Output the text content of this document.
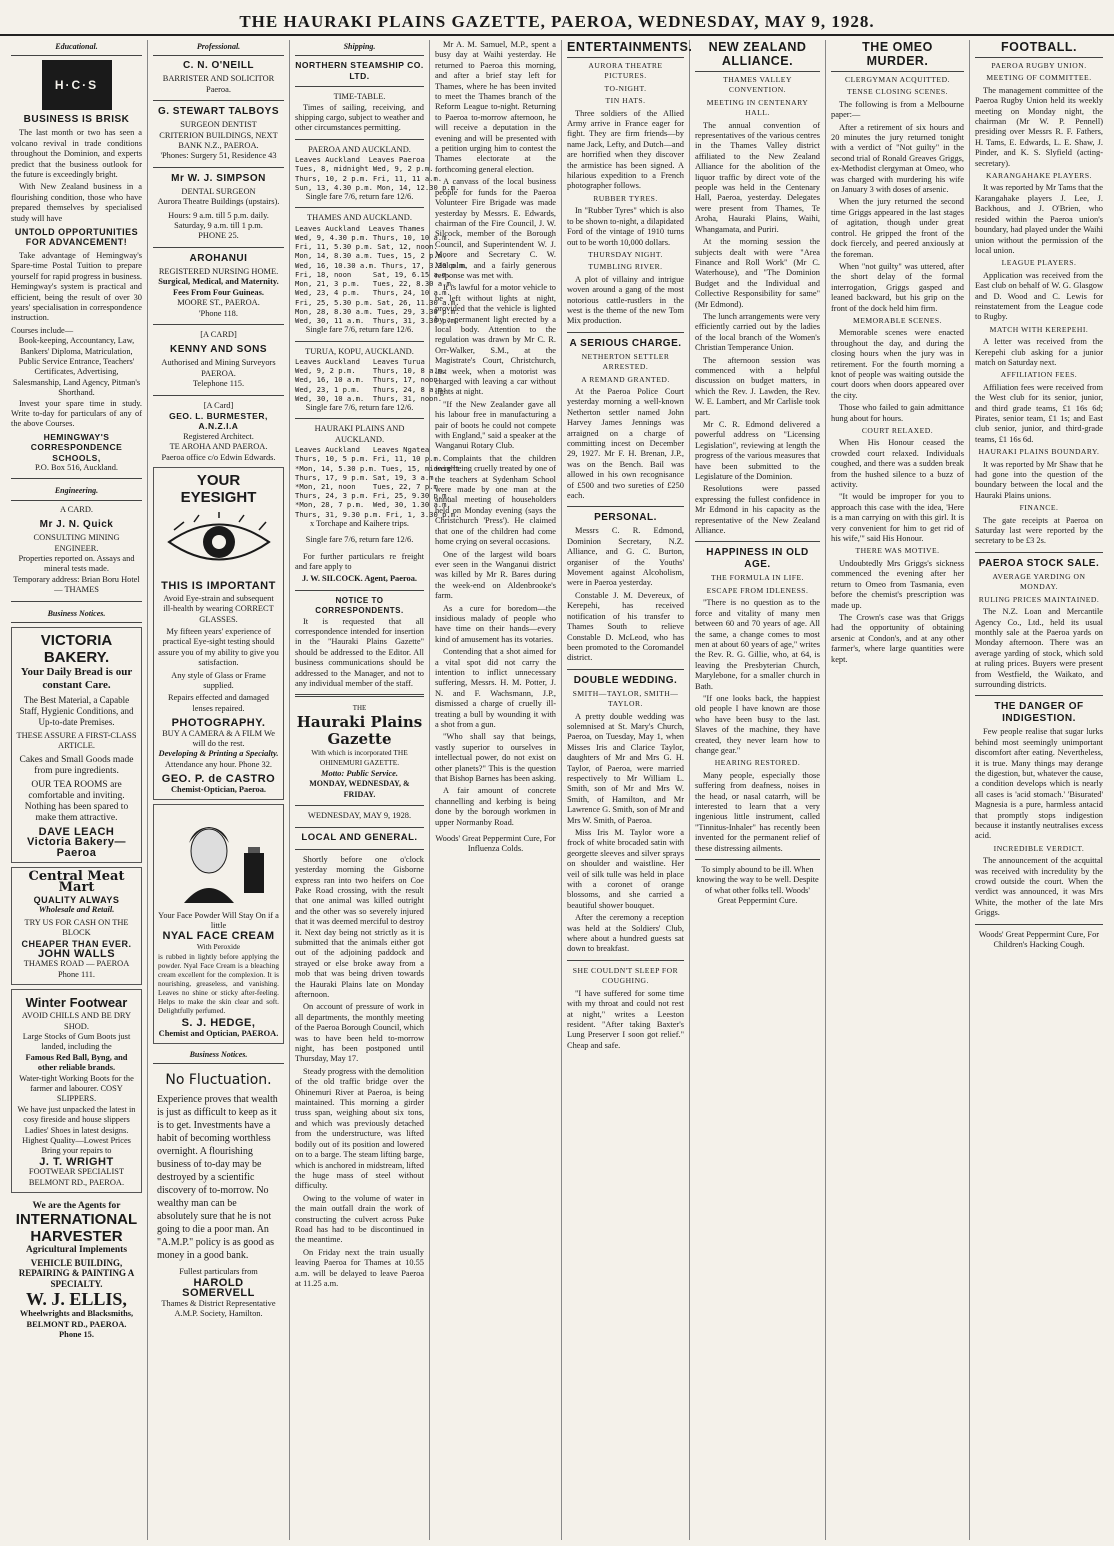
THE HAURAKI PLAINS GAZETTE, PAEROA, WEDNESDAY, MAY 9, 1928.
Educational.
H·C·S
BUSINESS IS BRISK

The last month or two has seen a volcano revival in trade conditions throughout the Dominion, and experts predict that the business outlook for the future is exceedingly bright.

With New Zealand business in a flourishing condition, those who have prepared themselves by specialised study will have

UNTOLD OPPORTUNITIES FOR ADVANCEMENT!

Take advantage of Hemingway's Spare-time Postal Tuition to prepare yourself for rapid progress in business. Hemingway's system is practical and efficient, being the result of over 30 years' specialisation in correspondence instruction.

Courses include—

Book-keeping, Accountancy, Law, Bankers' Diploma, Matriculation, Public Service Entrance, Teachers' Certificates, Advertising, Salesmanship, Land Agency, Pitman's Shorthand.

Invest your spare time in study. Write to-day for particulars of any of the above Courses.

HEMINGWAY'S CORRESPONDENCE SCHOOLS,
P.O. Box 516, Auckland.
Engineering.
A CARD.
Mr J. N. Quick
CONSULTING MINING ENGINEER.

Properties reported on. Assays and mineral tests made.

Temporary address: Brian Boru Hotel — THAMES

Business Notices.
VICTORIA BAKERY.
Your Daily Bread is our constant Care.

The Best Material, a Capable Staff, Hygienic Conditions, and Up-to-date Premises.

THESE ASSURE A FIRST-CLASS ARTICLE.

Cakes and Small Goods made from pure ingredients.

OUR TEA ROOMS are comfortable and inviting. Nothing has been spared to make them attractive.

DAVE LEACH
Victoria Bakery—Paeroa
Central Meat Mart
QUALITY ALWAYS
Wholesale and Retail.
TRY US FOR CASH ON THE BLOCK
CHEAPER THAN EVER.
JOHN WALLS
THAMES ROAD — PAEROA
Phone 111.
Winter Footwear
AVOID CHILLS AND BE DRY SHOD.
Large Stocks of Gum Boots just landed, including the
Famous Red Ball, Byng, and other reliable brands.
Water-tight Working Boots for the farmer and labourer. COSY SLIPPERS.
We have just unpacked the latest in cosy fireside and house slippers Ladies' Shoes in latest designs. Highest Quality—Lowest Prices
Bring your repairs to
J. T. WRIGHT
FOOTWEAR SPECIALIST BELMONT RD., PAEROA.
We are the Agents for
INTERNATIONAL HARVESTER
Agricultural Implements
VEHICLE BUILDING, REPAIRING & PAINTING A SPECIALTY.
W. J. ELLIS,
Wheelwrights and Blacksmiths, BELMONT RD., PAEROA. Phone 15.
Professional.
C. N. O'NEILL
BARRISTER AND SOLICITOR
Paeroa.
G. STEWART TALBOYS
SURGEON DENTIST
CRITERION BUILDINGS, NEXT BANK N.Z., PAEROA.
'Phones: Surgery 51, Residence 43
Mr W. J. SIMPSON
DENTAL SURGEON
Aurora Theatre Buildings (upstairs).
Hours: 9 a.m. till 5 p.m. daily. Saturday, 9 a.m. till 1 p.m.
PHONE 25.
AROHANUI
REGISTERED NURSING HOME.
Surgical, Medical, and Maternity. Fees From Four Guineas.
MOORE ST., PAEROA.
'Phone 118.
[A CARD]
KENNY AND SONS
Authorised and Mining Surveyors PAEROA.
Telephone 115.
[A Card]
GEO. L. BURMESTER, A.N.Z.I.A
Registered Architect.
TE AROHA AND PAEROA.
Paeroa office c/o Edwin Edwards.
YOUR EYESIGHT
THIS IS IMPORTANT

Avoid Eye-strain and subsequent ill-health by wearing CORRECT GLASSES.

My fifteen years' experience of practical Eye-sight testing should assure you of my ability to give you satisfaction.

Any style of Glass or Frame supplied.

Repairs effected and damaged lenses repaired.

PHOTOGRAPHY.

BUY A CAMERA & A FILM We will do the rest.

Developing & Printing a Specialty.

Attendance any hour. Phone 32.

GEO. P. de CASTRO
Chemist-Optician, Paeroa.
Your Face Powder Will Stay On if a little
NYAL FACE CREAM
With Peroxide

is rubbed in lightly before applying the powder. Nyal Face Cream is a bleaching cream excellent for the complexion. It is nourishing, greaseless, and vanishing. Leaves no shine or sticky after-feeling. Helps to make the skin clear and soft. Delightfully perfumed.

S. J. HEDGE,
Chemist and Optician, PAEROA.
Business Notices.
No Fluctuation.

Experience proves that wealth is just as difficult to keep as it is to get. Investments have a habit of becoming worthless overnight. A flourishing business of to-day may be destroyed by a scientific discovery of to-morrow. No wealthy man can be absolutely sure that he is not going to die a poor man. An "A.M.P." policy is as good as money in a good bank.

Fullest particulars from

HAROLD SOMERVELL
Thames & District Representative A.M.P. Society, Hamilton.
Shipping.
NORTHERN STEAMSHIP CO. LTD.
TIME-TABLE.

Times of sailing, receiving, and shipping cargo, subject to weather and other circumstances permitting.

PAEROA AND AUCKLAND.
Leaves Auckland  Leaves Paeroa
Tues, 8, midnight Wed, 9, 2 p.m.
Thurs, 10, 2 p.m. Fri, 11, 11 a.m.
Sun, 13, 4.30 p.m. Mon, 14, 12.30 p.m.
Single fare 7/6, return fare 12/6.
THAMES AND AUCKLAND.
Leaves Auckland  Leaves Thames
Wed, 9, 4.30 p.m. Thurs, 10, 10 a.m.
Fri, 11, 5.30 p.m. Sat, 12, noon.
Mon, 14, 8.30 a.m. Tues, 15, 2 p.m.
Wed, 16, 10.30 a.m. Thurs, 17, 3.30 p.m.
Fri, 18, noon     Sat, 19, 6.15 a.m.
Mon, 21, 3 p.m.   Tues, 22, 8.30 a.m.
Wed, 23, 4 p.m.   Thurs, 24, 10 a.m.
Fri, 25, 5.30 p.m. Sat, 26, 11.30 a.m.
Mon, 28, 8.30 a.m. Tues, 29, 3.30 p.m.
Wed, 30, 11 a.m.  Thurs, 31, 3.30 p.m.
Single fare 7/6, return fare 12/6.
TURUA, KOPU, AUCKLAND.
Leaves Auckland   Leaves Turua
Wed, 9, 2 p.m.    Thurs, 10, 8 a.m.
Wed, 16, 10 a.m.  Thurs, 17, noon.
Wed, 23, 1 p.m.   Thurs, 24, 8 a.m.
Wed, 30, 10 a.m.  Thurs, 31, noon.
Single fare 7/6, return fare 12/6.
HAURAKI PLAINS AND AUCKLAND.
Leaves Auckland   Leaves Ngatea
Thurs, 10, 5 p.m. Fri, 11, 10 p.m.
*Mon, 14, 5.30 p.m. Tues, 15, midnight
Thurs, 17, 9 p.m. Sat, 19, 3 a.m.
*Mon, 21, noon    Tues, 22, 7 p.m.
Thurs, 24, 3 p.m. Fri, 25, 9.30 p.m.
*Mon, 28, 7 p.m.  Wed, 30, 1.30 a.m.
Thurs, 31, 9.30 p.m. Fri, 1, 3.30 p.m.
x Torchape and Kaihere trips.
Single fare 7/6, return fare 12/6.

For further particulars re freight and fare apply to

J. W. SILCOCK. Agent, Paeroa.
NOTICE TO CORRESPONDENTS.

It is requested that all correspondence intended for insertion in the "Hauraki Plains Gazette" should be addressed to the Editor. All business communications should be addressed to the Manager, and not to any individual member of the staff.

THE
Hauraki Plains Gazette
With which is incorporated THE OHINEMURI GAZETTE.
Motto: Public Service.
MONDAY, WEDNESDAY, & FRIDAY.
WEDNESDAY, MAY 9, 1928.
LOCAL AND GENERAL.

Shortly before one o'clock yesterday morning the Gisborne express ran into two heifers on Coe Pake Road crossing, with the result that one animal was killed outright and the other was so severely injured that it was deemed merciful to destroy it. Next day being not strictly as it is submitted that the animals either got out of the adjoining paddock and strayed or else broke away from a mob that was being driven towards the Hauraki Plains late on Monday afternoon.

On account of pressure of work in all departments, the monthly meeting of the Paeroa Borough Council, which was to have been held to-morrow night, has been postponed until Thursday, May 17.

Steady progress with the demolition of the old traffic bridge over the Ohinemuri River at Paeroa, is being maintained. This morning a girder truss span, weighing about six tons, and which was previously detached from the understructure, was lifted bodily out of its position and lowered on to a barge. The steam lifting barge, which is anchored in midstream, lifted the huge mass of steel without difficulty.

Owing to the volume of water in the main outfall drain the work of constructing the culvert across Puke Road has had to be discontinued in the meantime.

On Friday next the train usually leaving Paeroa for Thames at 10.55 a.m. will be delayed to leave Paeroa at 11.25 a.m.

Mr A. M. Samuel, M.P., spent a busy day at Waihi yesterday. He returned to Paeroa this morning, and after a brief stay left for Thames, where he has been invited to meet the Thames branch of the Reform League to-night. Returning to Paeroa to-morrow afternoon, he will receive a deputation in the evening and will be presented with a petition urging him to contest the Thames electorate at the forthcoming general election.

A canvass of the local business people for funds for the Paeroa Volunteer Fire Brigade was made yesterday by Messrs. E. Edwards, chairman of the Fire Council, J. W. Silcock, member of the Borough Council, and Superintendent W. J. Moore and Secretary C. W. Malcolm, and a fairly generous response was met with.

It is lawful for a motor vehicle to be left without lights at night, provided that the vehicle is lighted by a permanent light erected by a local body. Attention to the regulation was drawn by Mr C. R. Orr-Walker, S.M., at the Magistrate's Court, Christchurch, last week, when a motorist was charged with leaving a car without lights at night.

"If the New Zealander gave all his labour free in manufacturing a pair of boots he could not compete with England," said a speaker at the Wanganui Rotary Club.

Complaints that the children were being cruelly treated by one of the teachers at Sydenham School were made by one man at the annual meeting of householders held on Monday evening (says the Christchurch 'Press'). He claimed that one of the children had come home crying on several occasions.

One of the largest wild boars ever seen in the Wanganui district was killed by Mr R. Bares during the week-end on Aldenbrooke's farm.

As a cure for boredom—the insidious malady of people who have time on their hands—every kind of amusement has its votaries.

Contending that a shot aimed for a vital spot did not carry the intention to inflict unnecessary suffering, Messrs. H. M. Potter, J. N. and F. Wachsmann, J.P., dismissed a charge of cruelly ill-treating a bull by wounding it with a shot from a gun.

"Who shall say that beings, vastly superior to ourselves in intellectual power, do not exist on other planets?" This is the question that Bishop Barnes has been asking.

A fair amount of concrete channelling and kerbing is being done by the borough workmen in upper Normanby Road.

Woods' Great Peppermint Cure, For Influenza Colds.
ENTERTAINMENTS.
AURORA THEATRE PICTURES.
TO-NIGHT.
TIN HATS.

Three soldiers of the Allied Army arrive in France eager for fight. They are firm friends—by name Jack, Lefty, and Dutch—and are horrified when they discover the armistice has been signed. A hilarious expedition to a French photographer follows.

RUBBER TYRES.

In "Rubber Tyres" which is also to be shown to-night, a dilapidated Ford of the vintage of 1910 turns out to be worth 10,000 dollars.

THURSDAY NIGHT.
TUMBLING RIVER.

A plot of villainy and intrigue woven around a gang of the most notorious cattle-rustlers in the west is the theme of the new Tom Mix production.

A SERIOUS CHARGE.
NETHERTON SETTLER ARRESTED.
A REMAND GRANTED.

At the Paeroa Police Court yesterday morning a well-known Netherton settler named John Harvey James Jennings was arraigned on a charge of committing incest on December 29, 1927. Mr F. H. Brenan, J.P., was on the Bench. Bail was allowed in his own recognisance of £500 and two sureties of £250 each.

PERSONAL.

Messrs C. R. Edmond, Dominion Secretary, N.Z. Alliance, and G. C. Burton, organiser of the Youths' Movement against Alcoholism, were in Paeroa yesterday.

Constable J. M. Devereux, of Kerepehi, has received notification of his transfer to Thames South to relieve Constable D. McLeod, who has been promoted to the Coromandel district.

DOUBLE WEDDING.
SMITH—TAYLOR, SMITH—TAYLOR.

A pretty double wedding was solemnised at St. Mary's Church, Paeroa, on Tuesday, May 1, when Misses Iris and Clarice Taylor, daughters of Mr and Mrs G. H. Taylor, of Paeroa, were married respectively to Mr William L. Smith, son of Mr and Mrs W. Smith, of Hamilton, and Mr Lawrence G. Smith, son of Mr and Mrs W. Smith, of Paeroa.

Miss Iris M. Taylor wore a frock of white brocaded satin with georgette sleeves and silver sprays on shoulder and waistline. Her veil of silk tulle was held in place with a coronet of orange blossoms, and she carried a beautiful shower bouquet.

After the ceremony a reception was held at the Soldiers' Club, where about a hundred guests sat down to breakfast.

SHE COULDN'T SLEEP FOR COUGHING.

"I have suffered for some time with my throat and could not rest at night," writes a Leeston resident. "After taking Baxter's Lung Preserver I soon got relief." Cheap and safe.

NEW ZEALAND ALLIANCE.
THAMES VALLEY CONVENTION.
MEETING IN CENTENARY HALL.

The annual convention of representatives of the various centres in the Thames Valley district affiliated to the New Zealand Alliance for the abolition of the liquor traffic by direct vote of the people was held in the Centenary Hall, Paeroa, yesterday. Delegates were present from Thames, Te Aroha, Hauraki Plains, Waihi, Whangamata, and Puriri.

At the morning session the subjects dealt with were "Area Finance and Roll Work" (Mr C. Waterhouse), and "The Dominion Budget and the Individual and Collective Responsibility for same" (Mr Edmond).

The lunch arrangements were very efficiently carried out by the ladies of the local branch of the Women's Christian Temperance Union.

The afternoon session was commenced with a helpful discussion on budget matters, in which the Rev. J. Lawden, the Rev. W. E. Lambert, and Mr Carlisle took part.

Mr C. R. Edmond delivered a powerful address on "Licensing Legislation", reviewing at length the progress of the various measures that have been submitted to the Legislature of the Dominion.

Resolutions were passed expressing the fullest confidence in Mr Edmond in his capacity as the representative of the New Zealand Alliance.

HAPPINESS IN OLD AGE.
THE FORMULA IN LIFE.
ESCAPE FROM IDLENESS.

"There is no question as to the force and vitality of many men between 60 and 70 years of age. All the same, a change comes to most men at about 60 years of age," writes the Rev. R. G. Gillie, who, at 64, is leaving the Presbyterian Church, Marylebone, for a smaller church in Bath.

"If one looks back, the happiest old people I have known are those who have been busy to the last. Slaves of the machine, they have created, they never learn how to change gear."

HEARING RESTORED.

Many people, especially those suffering from deafness, noises in the head, or nasal catarrh, will be interested to learn that a very ingenious little instrument, called "Tinnitus-Inhaler" has recently been invented for the permanent relief of these distressing ailments.

To simply abound to be ill. When knowing the way to be well. Despite of what other folks tell. Woods' Great Peppermint Cure.

THE OMEO MURDER.
CLERGYMAN ACQUITTED.
TENSE CLOSING SCENES.

The following is from a Melbourne paper:—

After a retirement of six hours and 20 minutes the jury returned tonight with a verdict of "Not guilty" in the second trial of Ronald Greaves Griggs, ex-Methodist clergyman at Omeo, who was charged with murdering his wife on January 3 with doses of arsenic.

When the jury returned the second time Griggs appeared in the last stages of agitation, though under great control. He gripped the front of the dock fiercely, and peered anxiously at the foreman.

When "not guilty" was uttered, after the short delay of the formal interrogation, Griggs gasped and leaned backward, but his grip on the front of the dock held him firm.

MEMORABLE SCENES.

Memorable scenes were enacted throughout the day, and during the closing hours when the jury was in retirement. For the fourth morning a knot of people was waiting outside the court doors when doors appeared over the city.

Those who failed to gain admittance hung about for hours.

COURT RELAXED.

When His Honour ceased the crowded court relaxed. Individuals coughed, and there was a sudden break from the hushed silence to a buzz of activity.

"It would be improper for you to approach this case with the idea, 'Here is a man carrying on with this girl. It is very convenient for him to get rid of his wife,'" said His Honour.

THERE WAS MOTIVE.

Undoubtedly Mrs Griggs's sickness commenced the evening after her return to Omeo from Tasmania, even before the chemist's prescription was made up.

The Crown's case was that Griggs had the opportunity of obtaining arsenic at Condon's, and at any other farmer's, where large quantities were kept.

FOOTBALL.
PAEROA RUGBY UNION.
MEETING OF COMMITTEE.

The management committee of the Paeroa Rugby Union held its weekly meeting on Monday night, the chairman (Mr W. P. Pennell) presiding over Messrs R. F. Fathers, H. Tams, E. Edwards, L. E. Shaw, J. Pinder, and K. S. Slyfield (acting-secretary).

KARANGAHAKE PLAYERS.

It was reported by Mr Tams that the Karangahake players J. Lee, J. Backhous, and J. O'Brien, who resided within the Paeroa union's boundary, had played under the Waihi union without the permission of the local union.

LEAGUE PLAYERS.

Application was received from the East club on behalf of W. G. Glasgow and D. Wood and C. Lewis for reinstatement from the League code to Rugby.

MATCH WITH KEREPEHI.

A letter was received from the Kerepehi club asking for a junior match on Saturday next.

AFFILIATION FEES.

Affiliation fees were received from the West club for its senior, junior, and third grade teams, £1 16s 6d; Pirates, senior team, £1 1s; and East club senior, junior, and third-grade teams, £1 16s 6d.

HAURAKI PLAINS BOUNDARY.

It was reported by Mr Shaw that he had gone into the question of the boundary between the local and the Hauraki Plains unions.

FINANCE.

The gate receipts at Paeroa on Saturday last were reported by the secretary to be £3 2s.

PAEROA STOCK SALE.
AVERAGE YARDING ON MONDAY.
RULING PRICES MAINTAINED.

The N.Z. Loan and Mercantile Agency Co., Ltd., held its usual monthly sale at the Paeroa yards on Monday afternoon. There was an average yarding of stock, which sold at ruling prices. Buyers were present from Westfield, the Waikato, and surrounding districts.

THE DANGER OF INDIGESTION.

Few people realise that sugar lurks behind most seemingly unimportant discomfort after eating. Nevertheless, it is true. Many things may derange the digestion, but, whatever the cause, a condition develops which is nearly all cases is 'acid stomach.' 'Bisurated' Magnesia is a pure, harmless antacid that promptly stops indigestion because it instantly neutralises excess acid.

INCREDIBLE VERDICT.

The announcement of the acquittal was received with incredulity by the crowd outside the court. When the verdict was announced, it was Mrs White, the mother of the late Mrs Griggs.

Woods' Great Peppermint Cure, For Children's Hacking Cough.
